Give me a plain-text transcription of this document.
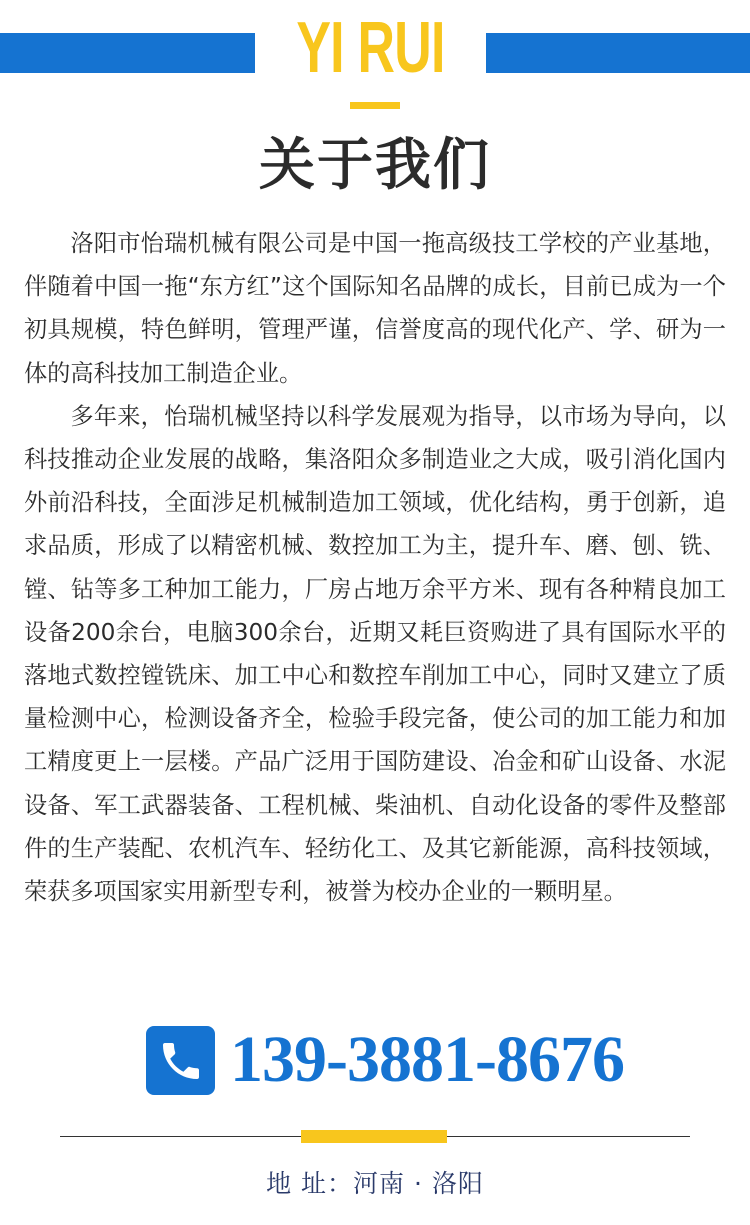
YI RUI
关于我们

洛阳市怡瑞机械有限公司是中国一拖高级技工学校的产业基地，伴随着中国一拖“东方红”这个国际知名品牌的成长，目前已成为一个初具规模，特色鲜明，管理严谨，信誉度高的现代化产、学、研为一体的高科技加工制造企业。

多年来，怡瑞机械坚持以科学发展观为指导，以市场为导向，以科技推动企业发展的战略，集洛阳众多制造业之大成，吸引消化国内外前沿科技，全面涉足机械制造加工领域，优化结构，勇于创新，追求品质，形成了以精密机械、数控加工为主，提升车、磨、刨、铣、镗、钻等多工种加工能力，厂房占地万余平方米、现有各种精良加工设备200余台，电脑300余台，近期又耗巨资购进了具有国际水平的落地式数控镗铣床、加工中心和数控车削加工中心，同时又建立了质量检测中心，检测设备齐全，检验手段完备，使公司的加工能力和加工精度更上一层楼。产品广泛用于国防建设、冶金和矿山设备、水泥设备、军工武器装备、工程机械、柴油机、自动化设备的零件及整部件的生产装配、农机汽车、轻纺化工、及其它新能源，高科技领域，荣获多项国家实用新型专利，被誉为校办企业的一颗明星。

139-3881-8676
地 址：河南 · 洛阳
